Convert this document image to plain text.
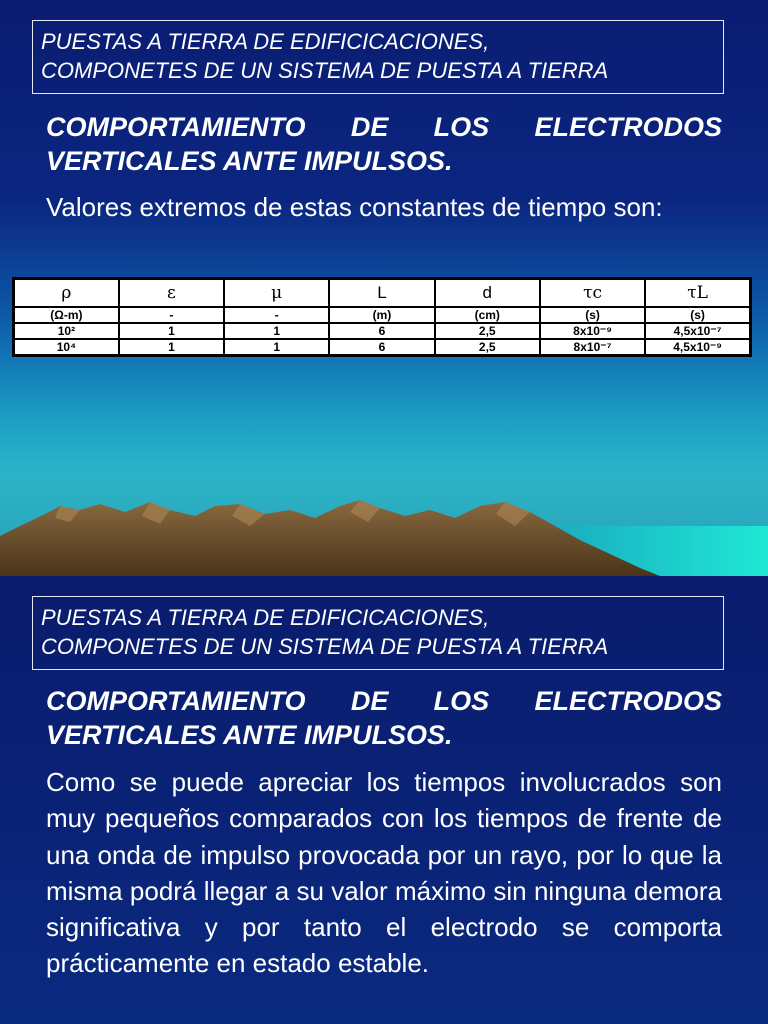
PUESTAS A TIERRA DE EDIFICICACIONES,
COMPONETES DE UN SISTEMA DE PUESTA A TIERRA
COMPORTAMIENTO DE LOS ELECTRODOS
VERTICALES ANTE IMPULSOS.
Valores extremos de estas constantes de tiempo son:
ρ	ε	μ	L	d	τc	τL
(Ω-m)	-	-	(m)	(cm)	(s)	(s)
10²	1	1	6	2,5	8x10⁻⁹	4,5x10⁻⁷
10⁴	1	1	6	2,5	8x10⁻⁷	4,5x10⁻⁹
PUESTAS A TIERRA DE EDIFICICACIONES,
COMPONETES DE UN SISTEMA DE PUESTA A TIERRA
COMPORTAMIENTO DE LOS ELECTRODOS
VERTICALES ANTE IMPULSOS.
Como se puede apreciar los tiempos involucrados son muy pequeños comparados con los tiempos de frente de una onda de impulso provocada por un rayo, por lo que la misma podrá llegar a su valor máximo sin ninguna demora significativa y por tanto el electrodo se comporta prácticamente en estado estable.
